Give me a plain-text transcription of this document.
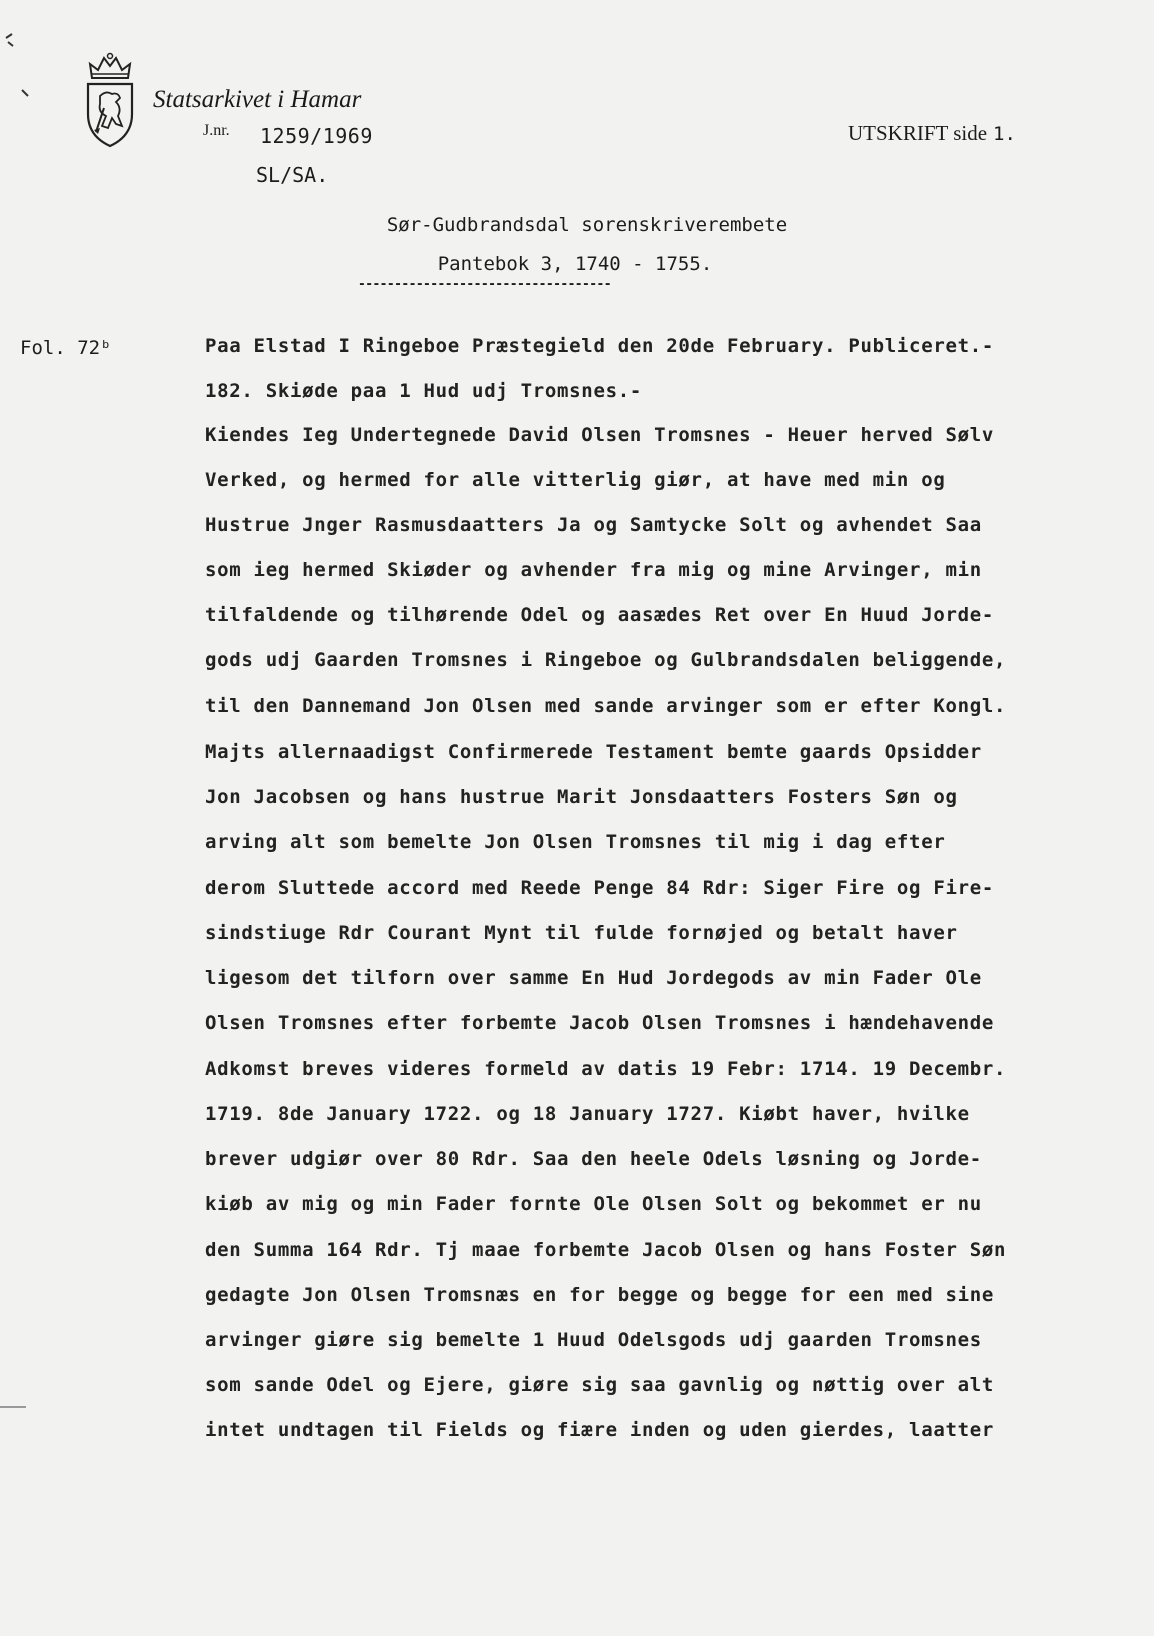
Statsarkivet i Hamar
J.nr. 1259/1969
SL/SA.
UTSKRIFT side 1.
Sør-Gudbrandsdal sorenskriverembete
Pantebok 3, 1740 - 1755.
-----------------------------------
Fol. 72ᵇ	Paa Elstad I Ringeboe Præstegield den 20de February. Publiceret.-
182. Skiøde paa 1 Hud udj Tromsnes.-
Kiendes Ieg Undertegnede David Olsen Tromsnes - Heuer herved Sølv
Verked, og hermed for alle vitterlig giør, at have med min og
Hustrue Jnger Rasmusdaatters Ja og Samtycke Solt og avhendet Saa
som ieg hermed Skiøder og avhender fra mig og mine Arvinger, min
tilfaldende og tilhørende Odel og aasædes Ret over En Huud Jorde-
gods udj Gaarden Tromsnes i Ringeboe og Gulbrandsdalen beliggende,
til den Dannemand Jon Olsen med sande arvinger som er efter Kongl.
Majts allernaadigst Confirmerede Testament bemte gaards Opsidder
Jon Jacobsen og hans hustrue Marit Jonsdaatters Fosters Søn og
arving alt som bemelte Jon Olsen Tromsnes til mig i dag efter
derom Sluttede accord med Reede Penge 84 Rdr: Siger Fire og Fire-
sindstiuge Rdr Courant Mynt til fulde fornøjed og betalt haver
ligesom det tilforn over samme En Hud Jordegods av min Fader Ole
Olsen Tromsnes efter forbemte Jacob Olsen Tromsnes i hændehavende
Adkomst breves videres formeld av datis 19 Febr: 1714. 19 Decembr.
1719. 8de January 1722. og 18 January 1727. Kiøbt haver, hvilke
brever udgiør over 80 Rdr. Saa den heele Odels løsning og Jorde-
kiøb av mig og min Fader fornte Ole Olsen Solt og bekommet er nu
den Summa 164 Rdr. Tj maae forbemte Jacob Olsen og hans Foster Søn
gedagte Jon Olsen Tromsnæs en for begge og begge for een med sine
arvinger giøre sig bemelte 1 Huud Odelsgods udj gaarden Tromsnes
som sande Odel og Ejere, giøre sig saa gavnlig og nøttig over alt
intet undtagen til Fields og fiære inden og uden gierdes, laatter
